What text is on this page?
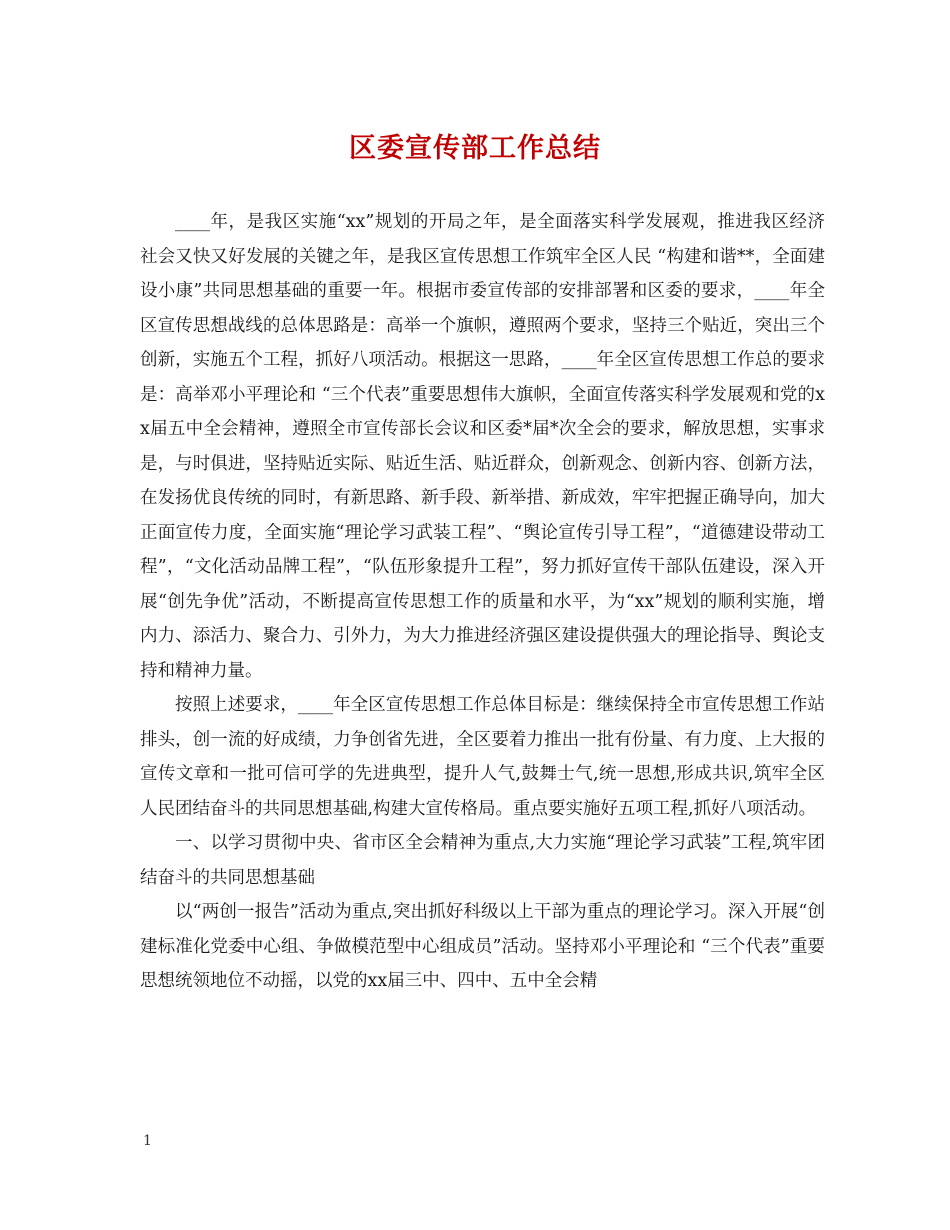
区委宣传部工作总结

____年，是我区实施“xx”规划的开局之年，是全面落实科学发展观，推进我区经济社会又快又好发展的关键之年，是我区宣传思想工作筑牢全区人民 “构建和谐**，全面建设小康”共同思想基础的重要一年。根据市委宣传部的安排部署和区委的要求，____年全区宣传思想战线的总体思路是：高举一个旗帜，遵照两个要求，坚持三个贴近，突出三个创新，实施五个工程，抓好八项活动。根据这一思路，____年全区宣传思想工作总的要求是：高举邓小平理论和 “三个代表”重要思想伟大旗帜，全面宣传落实科学发展观和党的xx届五中全会精神，遵照全市宣传部长会议和区委*届*次全会的要求，解放思想，实事求是，与时俱进，坚持贴近实际、贴近生活、贴近群众，创新观念、创新内容、创新方法，在发扬优良传统的同时，有新思路、新手段、新举措、新成效，牢牢把握正确导向，加大正面宣传力度，全面实施“理论学习武装工程”、“舆论宣传引导工程”，“道德建设带动工程”，“文化活动品牌工程”，“队伍形象提升工程”，努力抓好宣传干部队伍建设，深入开展“创先争优”活动，不断提高宣传思想工作的质量和水平，为“xx”规划的顺利实施，增内力、添活力、聚合力、引外力，为大力推进经济强区建设提供强大的理论指导、舆论支持和精神力量。

按照上述要求，____年全区宣传思想工作总体目标是：继续保持全市宣传思想工作站排头，创一流的好成绩，力争创省先进，全区要着力推出一批有份量、有力度、上大报的宣传文章和一批可信可学的先进典型，提升人气,鼓舞士气,统一思想,形成共识,筑牢全区人民团结奋斗的共同思想基础,构建大宣传格局。重点要实施好五项工程,抓好八项活动。

一、以学习贯彻中央、省市区全会精神为重点,大力实施“理论学习武装”工程,筑牢团结奋斗的共同思想基础

以“两创一报告”活动为重点,突出抓好科级以上干部为重点的理论学习。深入开展“创建标准化党委中心组、争做模范型中心组成员”活动。坚持邓小平理论和 “三个代表”重要思想统领地位不动摇，以党的xx届三中、四中、五中全会精

1
